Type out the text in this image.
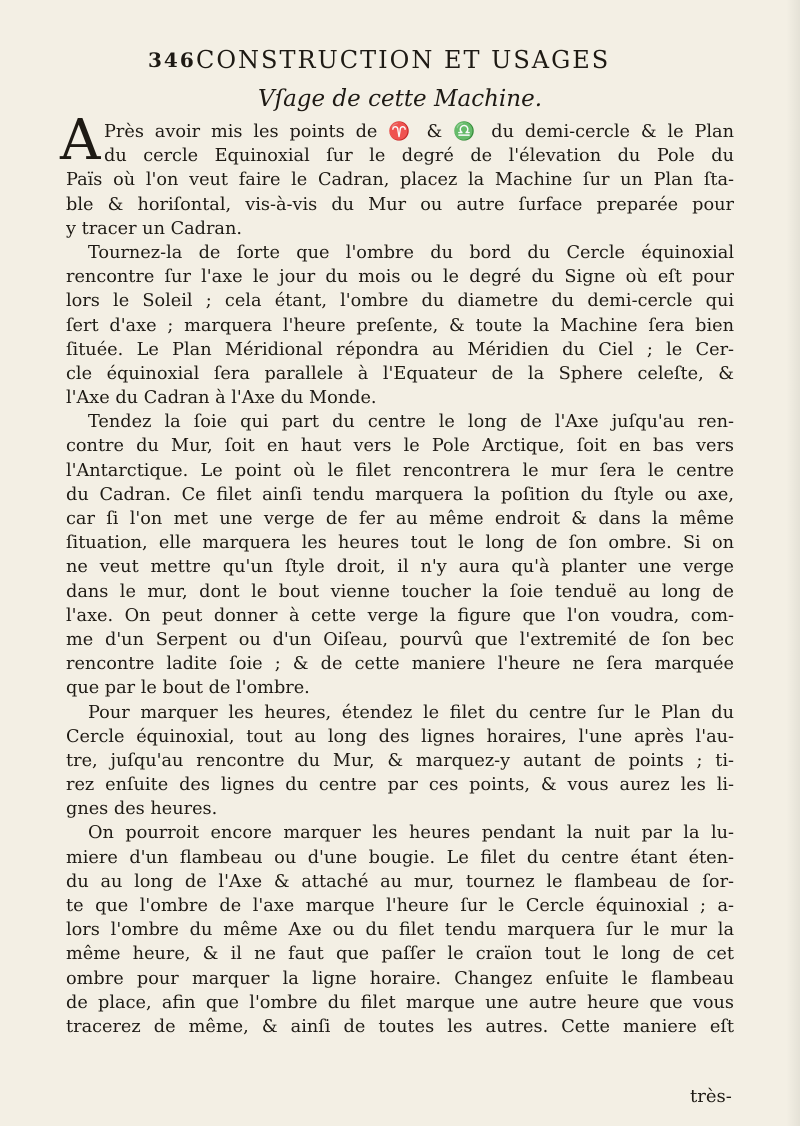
346 CONSTRUCTION ET USAGES
Vſage de cette Machine.
A Près avoir mis les points de ♈ & ♎ du demi-cercle & le Plan
du cercle Equinoxial ſur le degré de l'élevation du Pole du
Païs où l'on veut faire le Cadran, placez la Machine ſur un Plan ſta-
ble & horiſontal, vis-à-vis du Mur ou autre ſurface preparée pour
y tracer un Cadran.
Tournez-la de ſorte que l'ombre du bord du Cercle équinoxial
rencontre ſur l'axe le jour du mois ou le degré du Signe où eſt pour
lors le Soleil ; cela étant, l'ombre du diametre du demi-cercle qui
ſert d'axe ; marquera l'heure preſente, & toute la Machine ſera bien
ſituée. Le Plan Méridional répondra au Méridien du Ciel ; le Cer-
cle équinoxial ſera parallele à l'Equateur de la Sphere celeſte, &
l'Axe du Cadran à l'Axe du Monde.
Tendez la ſoie qui part du centre le long de l'Axe juſqu'au ren-
contre du Mur, ſoit en haut vers le Pole Arctique, ſoit en bas vers
l'Antarctique. Le point où le filet rencontrera le mur ſera le centre
du Cadran. Ce filet ainſi tendu marquera la poſition du ſtyle ou axe,
car ſi l'on met une verge de fer au même endroit & dans la même
ſituation, elle marquera les heures tout le long de ſon ombre. Si on
ne veut mettre qu'un ſtyle droit, il n'y aura qu'à planter une verge
dans le mur, dont le bout vienne toucher la ſoie tenduë au long de
l'axe. On peut donner à cette verge la figure que l'on voudra, com-
me d'un Serpent ou d'un Oiſeau, pourvû que l'extremité de ſon bec
rencontre ladite ſoie ; & de cette maniere l'heure ne ſera marquée
que par le bout de l'ombre.
Pour marquer les heures, étendez le filet du centre ſur le Plan du
Cercle équinoxial, tout au long des lignes horaires, l'une après l'au-
tre, juſqu'au rencontre du Mur, & marquez-y autant de points ; ti-
rez enſuite des lignes du centre par ces points, & vous aurez les li-
gnes des heures.
On pourroit encore marquer les heures pendant la nuit par la lu-
miere d'un flambeau ou d'une bougie. Le filet du centre étant éten-
du au long de l'Axe & attaché au mur, tournez le flambeau de ſor-
te que l'ombre de l'axe marque l'heure ſur le Cercle équinoxial ; a-
lors l'ombre du même Axe ou du filet tendu marquera ſur le mur la
même heure, & il ne faut que paſſer le craïon tout le long de cet
ombre pour marquer la ligne horaire. Changez enſuite le flambeau
de place, afin que l'ombre du filet marque une autre heure que vous
tracerez de même, & ainſi de toutes les autres. Cette maniere eſt
très-
